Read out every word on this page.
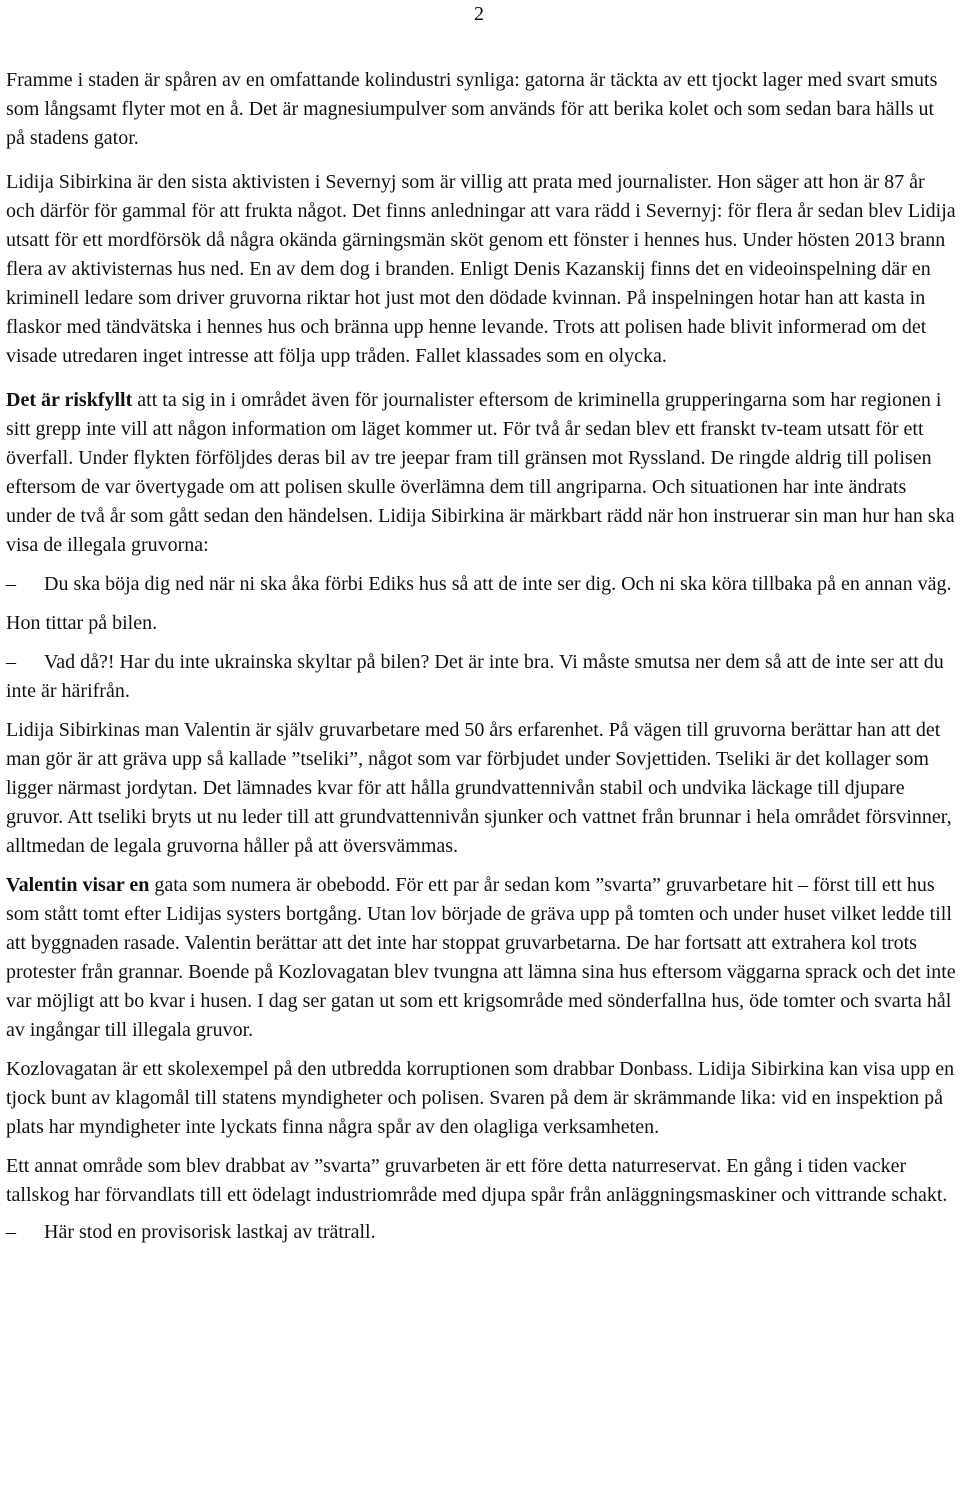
2

Framme i staden är spåren av en omfattande kolindustri synliga: gatorna är täckta av ett tjockt lager med svart smuts som långsamt flyter mot en å. Det är magnesiumpulver som används för att berika kolet och som sedan bara hälls ut på stadens gator.

Lidija Sibirkina är den sista aktivisten i Severnyj som är villig att prata med journalister. Hon säger att hon är 87 år och därför för gammal för att frukta något. Det finns anledningar att vara rädd i Severnyj: för flera år sedan blev Lidija utsatt för ett mordförsök då några okända gärningsmän sköt genom ett fönster i hennes hus. Under hösten 2013 brann flera av aktivisternas hus ned. En av dem dog i branden. Enligt Denis Kazanskij finns det en videoinspelning där en kriminell ledare som driver gruvorna riktar hot just mot den dödade kvinnan. På inspelningen hotar han att kasta in flaskor med tändvätska i hennes hus och bränna upp henne levande. Trots att polisen hade blivit informerad om det visade utredaren inget intresse att följa upp tråden. Fallet klassades som en olycka.

Det är riskfyllt att ta sig in i området även för journalister eftersom de kriminella grupperingarna som har regionen i sitt grepp inte vill att någon information om läget kommer ut. För två år sedan blev ett franskt tv-team utsatt för ett överfall. Under flykten förföljdes deras bil av tre jeepar fram till gränsen mot Ryssland. De ringde aldrig till polisen eftersom de var övertygade om att polisen skulle överlämna dem till angriparna. Och situationen har inte ändrats under de två år som gått sedan den händelsen. Lidija Sibirkina är märkbart rädd när hon instruerar sin man hur han ska visa de illegala gruvorna:

– Du ska böja dig ned när ni ska åka förbi Ediks hus så att de inte ser dig. Och ni ska köra tillbaka på en annan väg.

Hon tittar på bilen.

– Vad då?! Har du inte ukrainska skyltar på bilen? Det är inte bra. Vi måste smutsa ner dem så att de inte ser att du inte är härifrån.

Lidija Sibirkinas man Valentin är själv gruvarbetare med 50 års erfarenhet. På vägen till gruvorna berättar han att det man gör är att gräva upp så kallade ”tseliki”, något som var förbjudet under Sovjettiden. Tseliki är det kollager som ligger närmast jordytan. Det lämnades kvar för att hålla grundvattennivån stabil och undvika läckage till djupare gruvor. Att tseliki bryts ut nu leder till att grundvattennivån sjunker och vattnet från brunnar i hela området försvinner, alltmedan de legala gruvorna håller på att översvämmas.

Valentin visar en gata som numera är obebodd. För ett par år sedan kom ”svarta” gruvarbetare hit – först till ett hus som stått tomt efter Lidijas systers bortgång. Utan lov började de gräva upp på tomten och under huset vilket ledde till att byggnaden rasade. Valentin berättar att det inte har stoppat gruvarbetarna. De har fortsatt att extrahera kol trots protester från grannar. Boende på Kozlovagatan blev tvungna att lämna sina hus eftersom väggarna sprack och det inte var möjligt att bo kvar i husen. I dag ser gatan ut som ett krigsområde med sönderfallna hus, öde tomter och svarta hål av ingångar till illegala gruvor.

Kozlovagatan är ett skolexempel på den utbredda korruptionen som drabbar Donbass. Lidija Sibirkina kan visa upp en tjock bunt av klagomål till statens myndigheter och polisen. Svaren på dem är skrämmande lika: vid en inspektion på plats har myndigheter inte lyckats finna några spår av den olagliga verksamheten.

Ett annat område som blev drabbat av ”svarta” gruvarbeten är ett före detta naturreservat. En gång i tiden vacker tallskog har förvandlats till ett ödelagt industriområde med djupa spår från anläggningsmaskiner och vittrande schakt.

– Här stod en provisorisk lastkaj av trätrall.
